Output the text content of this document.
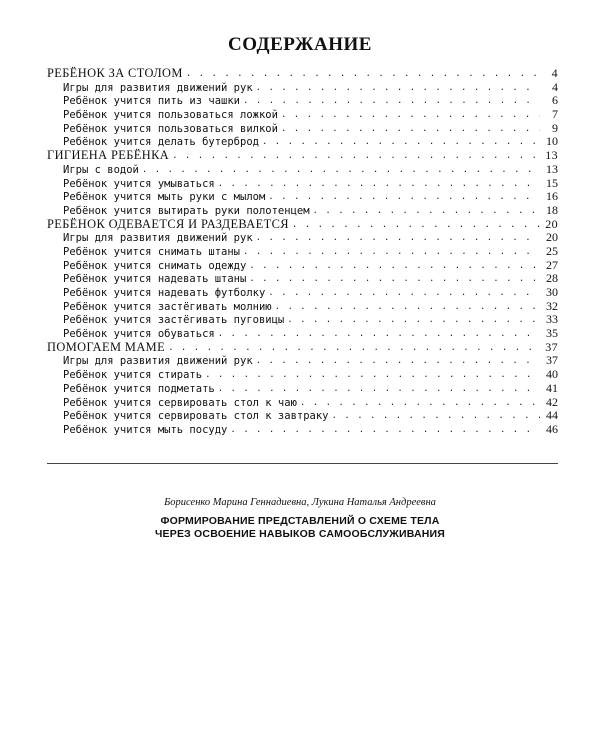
СОДЕРЖАНИЕ
РЕБЁНОК ЗА СТОЛОМ . . .	4
Игры для развития движений рук . . .	4
Ребёнок учится пить из чашки . . .	6
Ребёнок учится пользоваться ложкой . . .	7
Ребёнок учится пользоваться вилкой . . .	9
Ребёнок учится делать бутерброд . . .	10
ГИГИЕНА РЕБЁНКА . . .	13
Игры с водой . . .	13
Ребёнок учится умываться . . .	15
Ребёнок учится мыть руки с мылом . . .	16
Ребёнок учится вытирать руки полотенцем . . .	18
РЕБЁНОК ОДЕВАЕТСЯ И РАЗДЕВАЕТСЯ . . .	20
Игры для развития движений рук . . .	20
Ребёнок учится снимать штаны . . .	25
Ребёнок учится снимать одежду . . .	27
Ребёнок учится надевать штаны . . .	28
Ребёнок учится надевать футболку . . .	30
Ребёнок учится застёгивать молнию . . .	32
Ребёнок учится застёгивать пуговицы . . .	33
Ребёнок учится обуваться . . .	35
ПОМОГАЕМ МАМЕ . . .	37
Игры для развития движений рук . . .	37
Ребёнок учится стирать . . .	40
Ребёнок учится подметать . . .	41
Ребёнок учится сервировать стол к чаю . . .	42
Ребёнок учится сервировать стол к завтраку . . .	44
Ребёнок учится мыть посуду . . .	46
Борисенко Марина Геннадиевна, Лукина Наталья Андреевна
ФОРМИРОВАНИЕ ПРЕДСТАВЛЕНИЙ О СХЕМЕ ТЕЛА
ЧЕРЕЗ ОСВОЕНИЕ НАВЫКОВ САМООБСЛУЖИВАНИЯ
